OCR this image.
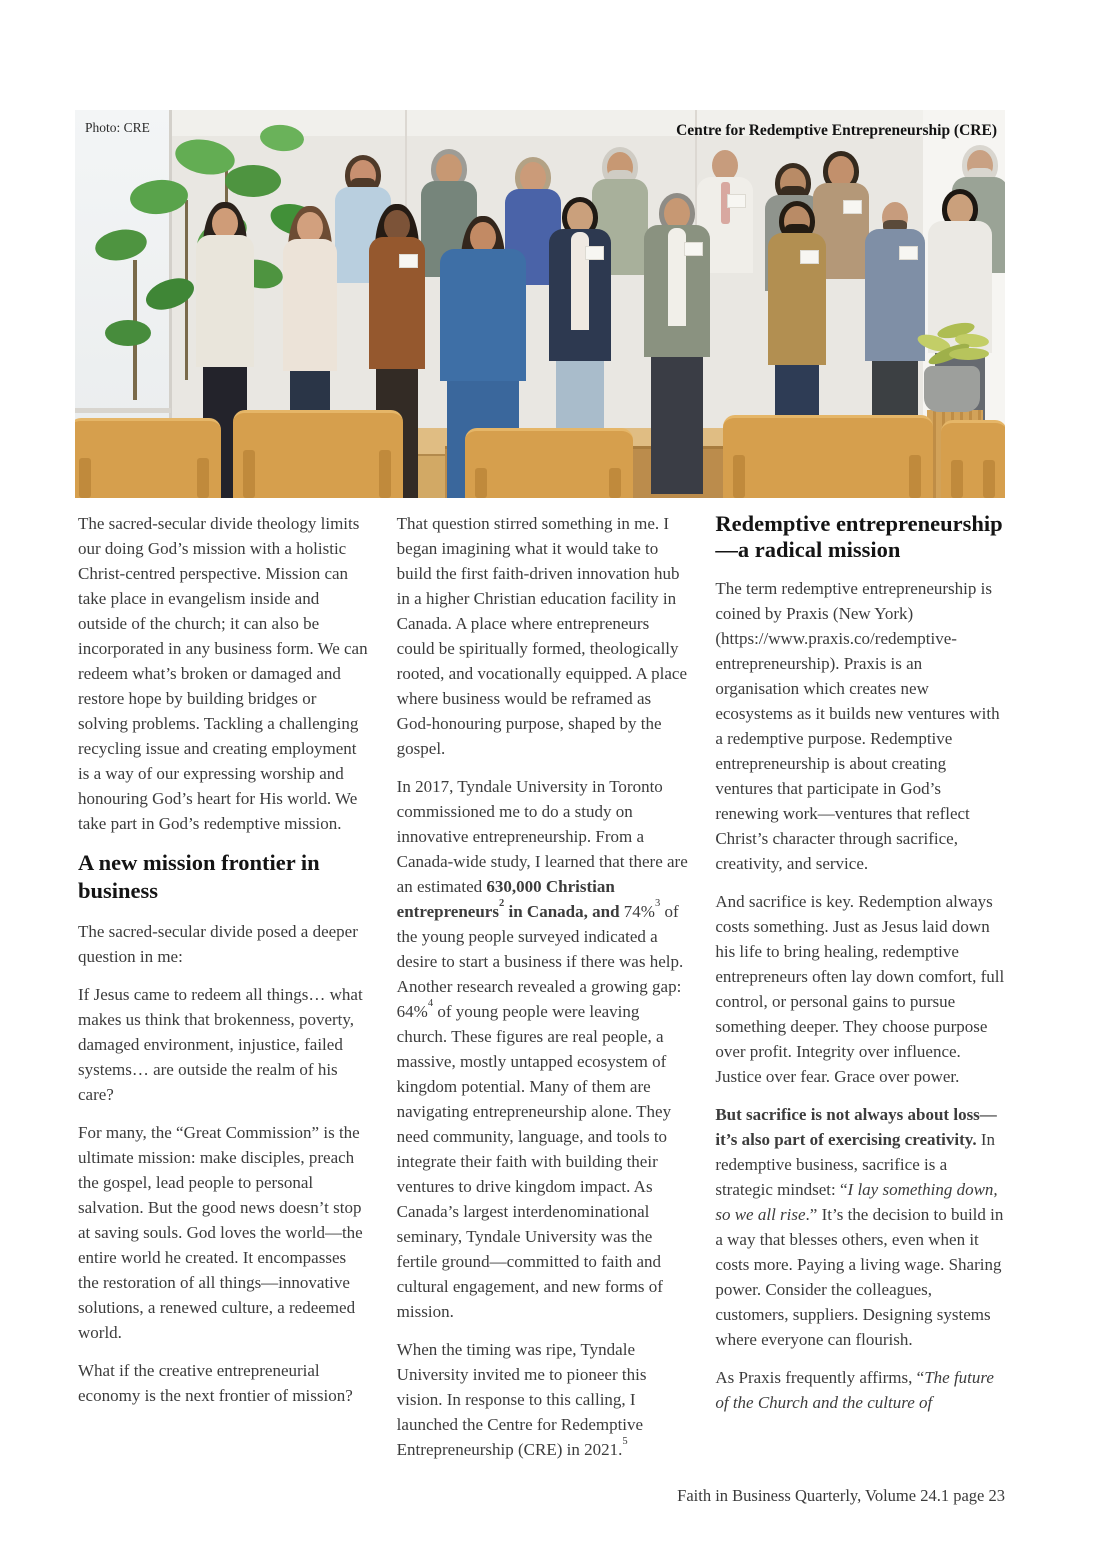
Photo: CRE	Centre for Redemptive Entrepreneurship (CRE)

The sacred-secular divide theology limits our doing God’s mission with a holistic Christ-centred perspective. Mission can take place in evangelism inside and outside of the church; it can also be incorporated in any business form. We can redeem what’s broken or damaged and restore hope by building bridges or solving problems. Tackling a challenging recycling issue and creating employment is a way of our expressing worship and honouring God’s heart for His world. We take part in God’s redemptive mission.

A new mission frontier in business

The sacred-secular divide posed a deeper question in me:

If Jesus came to redeem all things… what makes us think that brokenness, poverty, damaged environment, injustice, failed systems… are outside the realm of his care?

For many, the “Great Commission” is the ultimate mission: make disciples, preach the gospel, lead people to personal salvation. But the good news doesn’t stop at saving souls. God loves the world—the entire world he created. It encompasses the restoration of all things—innovative solutions, a renewed culture, a redeemed world.

What if the creative entrepreneurial economy is the next frontier of mission?

That question stirred something in me. I began imagining what it would take to build the first faith-driven innovation hub in a higher Christian education facility in Canada. A place where entrepreneurs could be spiritually formed, theologically rooted, and vocationally equipped. A place where business would be reframed as God-honouring purpose, shaped by the gospel.

In 2017, Tyndale University in Toronto commissioned me to do a study on innovative entrepreneurship. From a Canada-wide study, I learned that there are an estimated 630,000 Christian entrepreneurs$^2$ in Canada, and 74%$^3$ of the young people surveyed indicated a desire to start a business if there was help. Another research revealed a growing gap: 64%$^4$ of young people were leaving church. These figures are real people, a massive, mostly untapped ecosystem of kingdom potential. Many of them are navigating entrepreneurship alone. They need community, language, and tools to integrate their faith with building their ventures to drive kingdom impact. As Canada’s largest interdenominational seminary, Tyndale University was the fertile ground—committed to faith and cultural engagement, and new forms of mission.

When the timing was ripe, Tyndale University invited me to pioneer this vision. In response to this calling, I launched the Centre for Redemptive Entrepreneurship (CRE) in 2021.$^5$

Redemptive entrepreneurship—a radical mission

The term redemptive entrepreneurship is coined by Praxis (New York) (https://www.praxis.co/redemptive-entrepreneurship). Praxis is an organisation which creates new ecosystems as it builds new ventures with a redemptive purpose. Redemptive entrepreneurship is about creating ventures that participate in God’s renewing work—ventures that reflect Christ’s character through sacrifice, creativity, and service.

And sacrifice is key. Redemption always costs something. Just as Jesus laid down his life to bring healing, redemptive entrepreneurs often lay down comfort, full control, or personal gains to pursue something deeper. They choose purpose over profit. Integrity over influence. Justice over fear. Grace over power.

But sacrifice is not always about loss—it’s also part of exercising creativity. In redemptive business, sacrifice is a strategic mindset: “I lay something down, so we all rise.” It’s the decision to build in a way that blesses others, even when it costs more. Paying a living wage. Sharing power. Consider the colleagues, customers, suppliers. Designing systems where everyone can flourish.

As Praxis frequently affirms, “The future of the Church and the culture of

Faith in Business Quarterly, Volume 24.1 page 23
